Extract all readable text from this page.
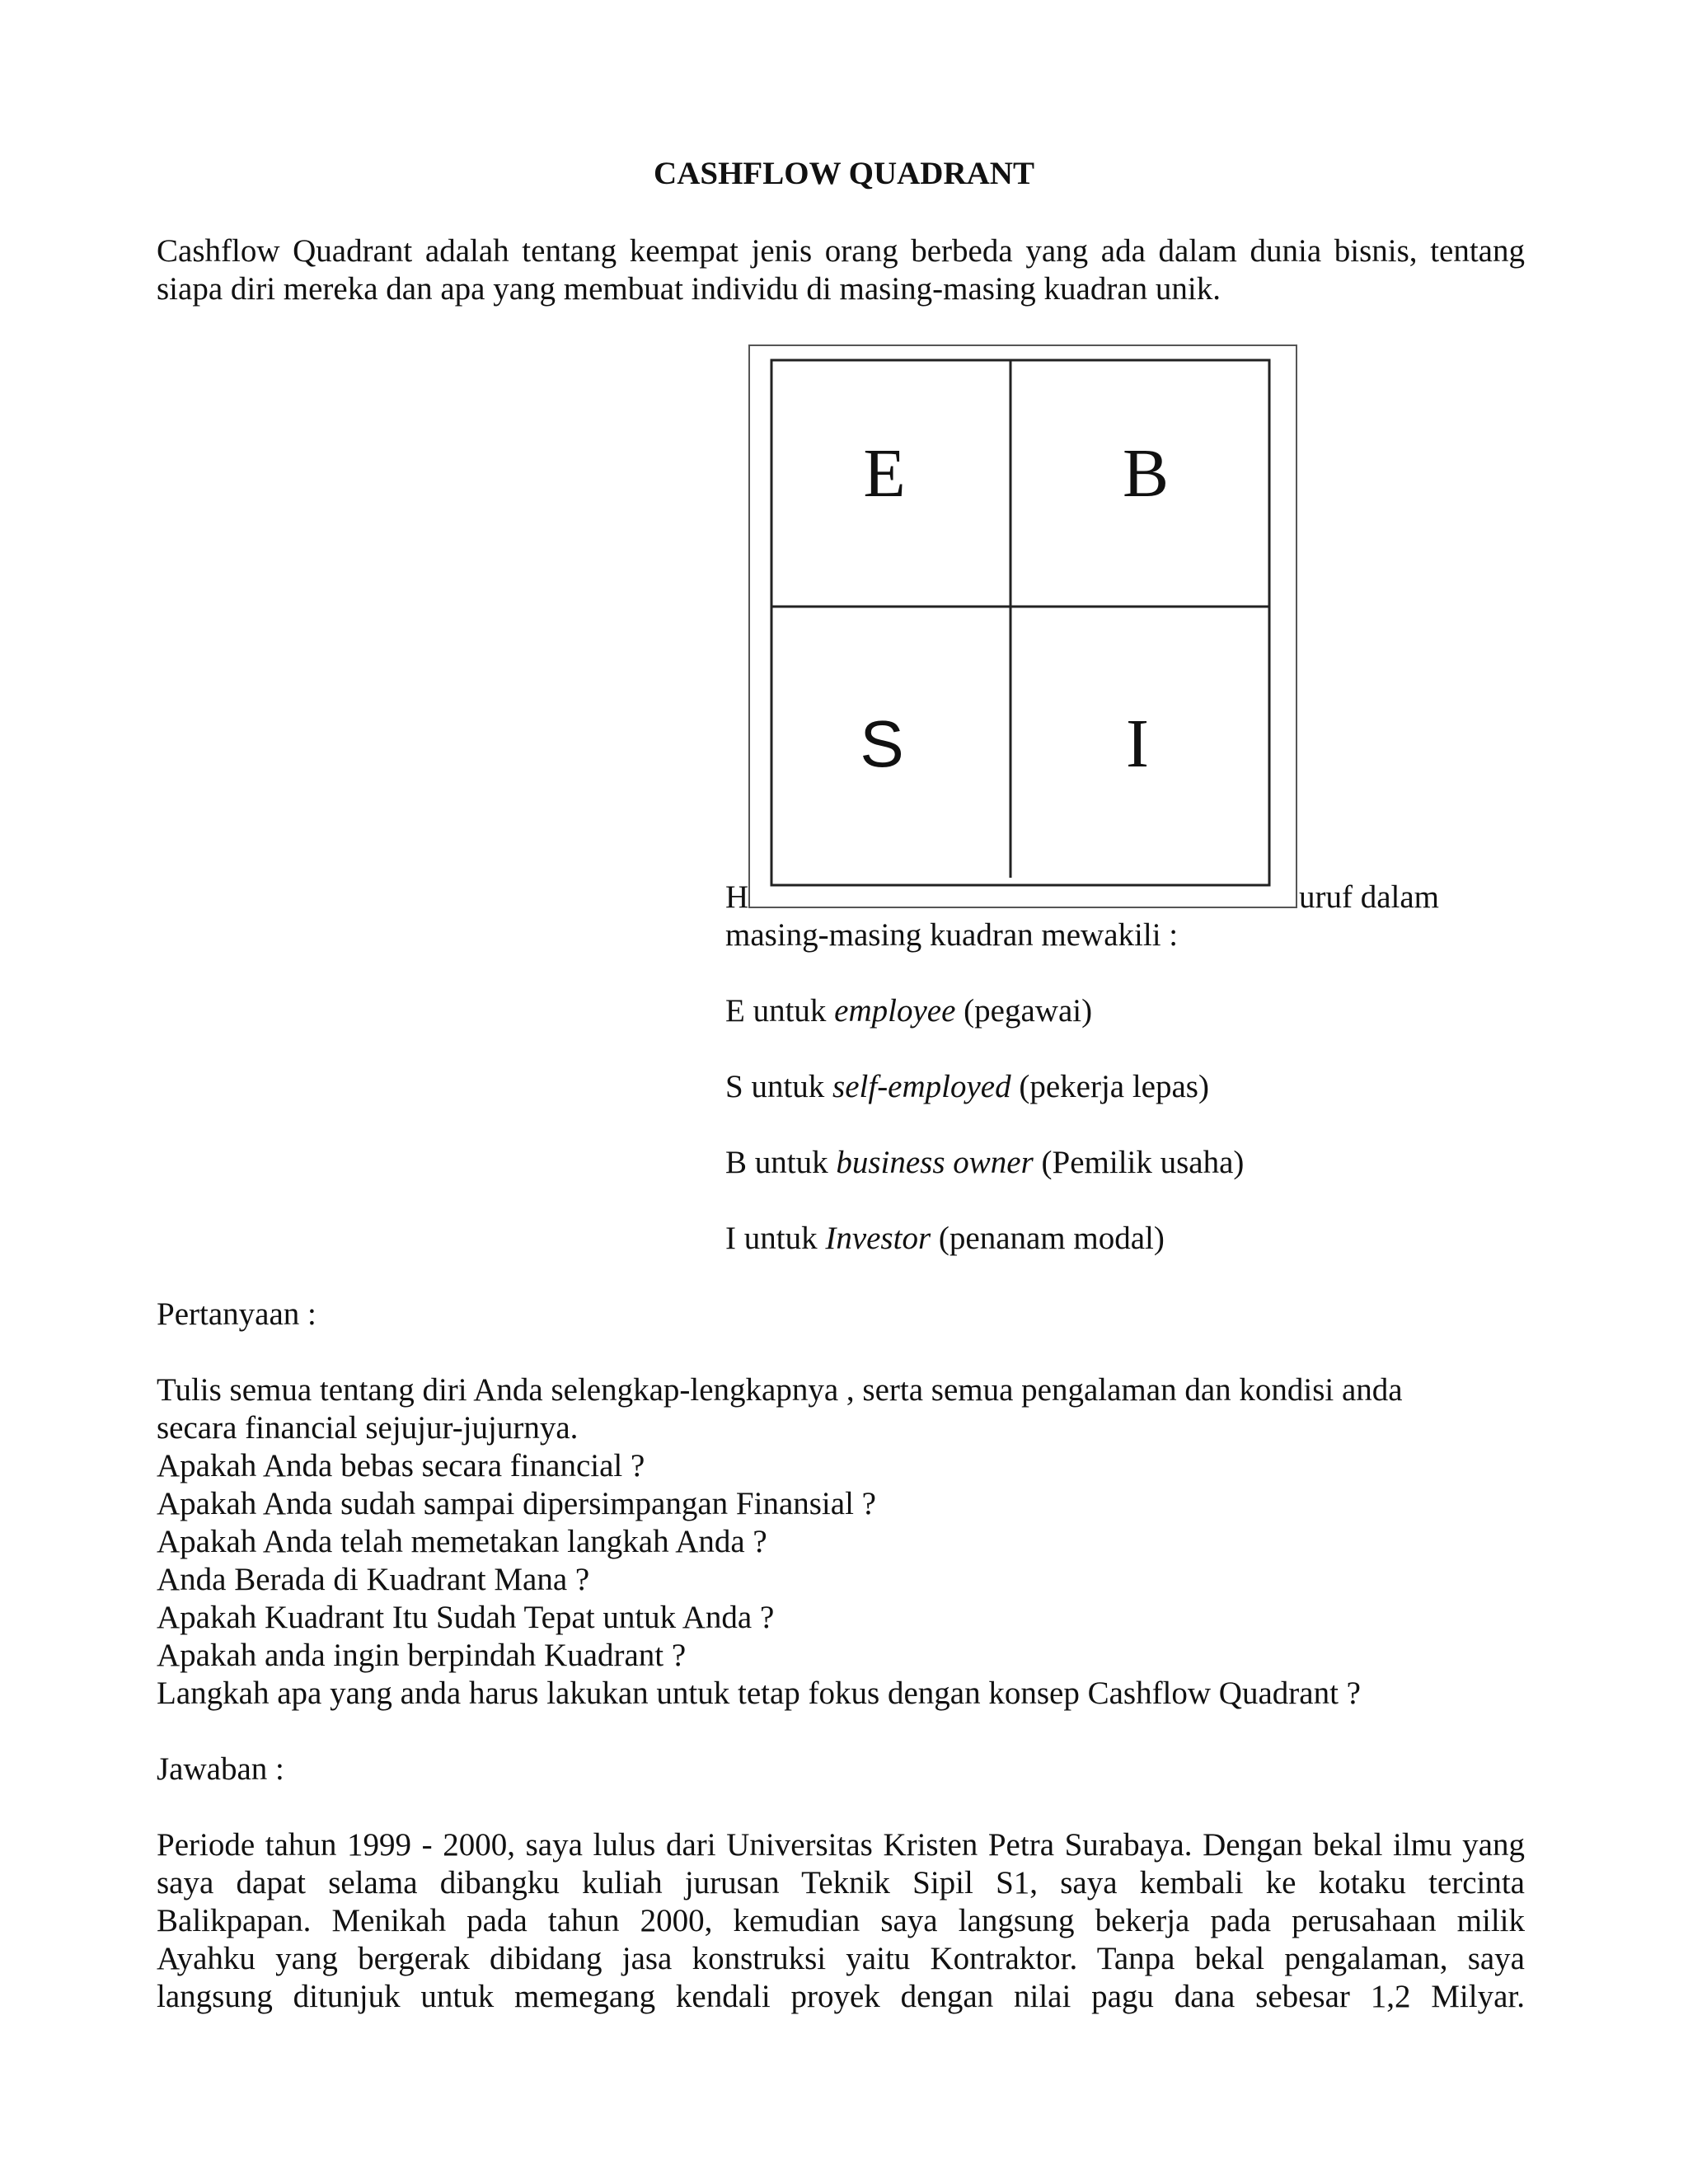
CASHFLOW QUADRANT

Cashflow Quadrant adalah tentang keempat jenis orang berbeda yang ada dalam dunia bisnis, tentang siapa diri mereka dan apa yang membuat individu di masing-masing kuadran unik.

H	uruf dalam
E	B
S	I
masing-masing kuadran mewakili :
E untuk employee (pegawai)
S untuk self-employed (pekerja lepas)
B untuk business owner (Pemilik usaha)
I untuk Investor (penanam modal)
Pertanyaan :
Tulis semua tentang diri Anda selengkap-lengkapnya , serta semua pengalaman dan kondisi anda
secara financial sejujur-jujurnya.
Apakah Anda bebas secara financial ?
Apakah Anda sudah sampai dipersimpangan Finansial ?
Apakah Anda telah memetakan langkah Anda ?
Anda Berada di Kuadrant Mana ?
Apakah Kuadrant Itu Sudah Tepat untuk Anda ?
Apakah anda ingin berpindah Kuadrant ?
Langkah apa yang anda harus lakukan untuk tetap fokus dengan konsep Cashflow Quadrant ?
Jawaban :
Periode tahun 1999 - 2000, saya lulus dari Universitas Kristen Petra Surabaya. Dengan bekal ilmu yang
saya dapat selama dibangku kuliah jurusan Teknik Sipil S1, saya kembali ke kotaku tercinta
Balikpapan. Menikah pada tahun 2000, kemudian saya langsung bekerja pada perusahaan milik
Ayahku yang bergerak dibidang jasa konstruksi yaitu Kontraktor. Tanpa bekal pengalaman, saya
langsung ditunjuk untuk memegang kendali proyek dengan nilai pagu dana sebesar 1,2 Milyar.
